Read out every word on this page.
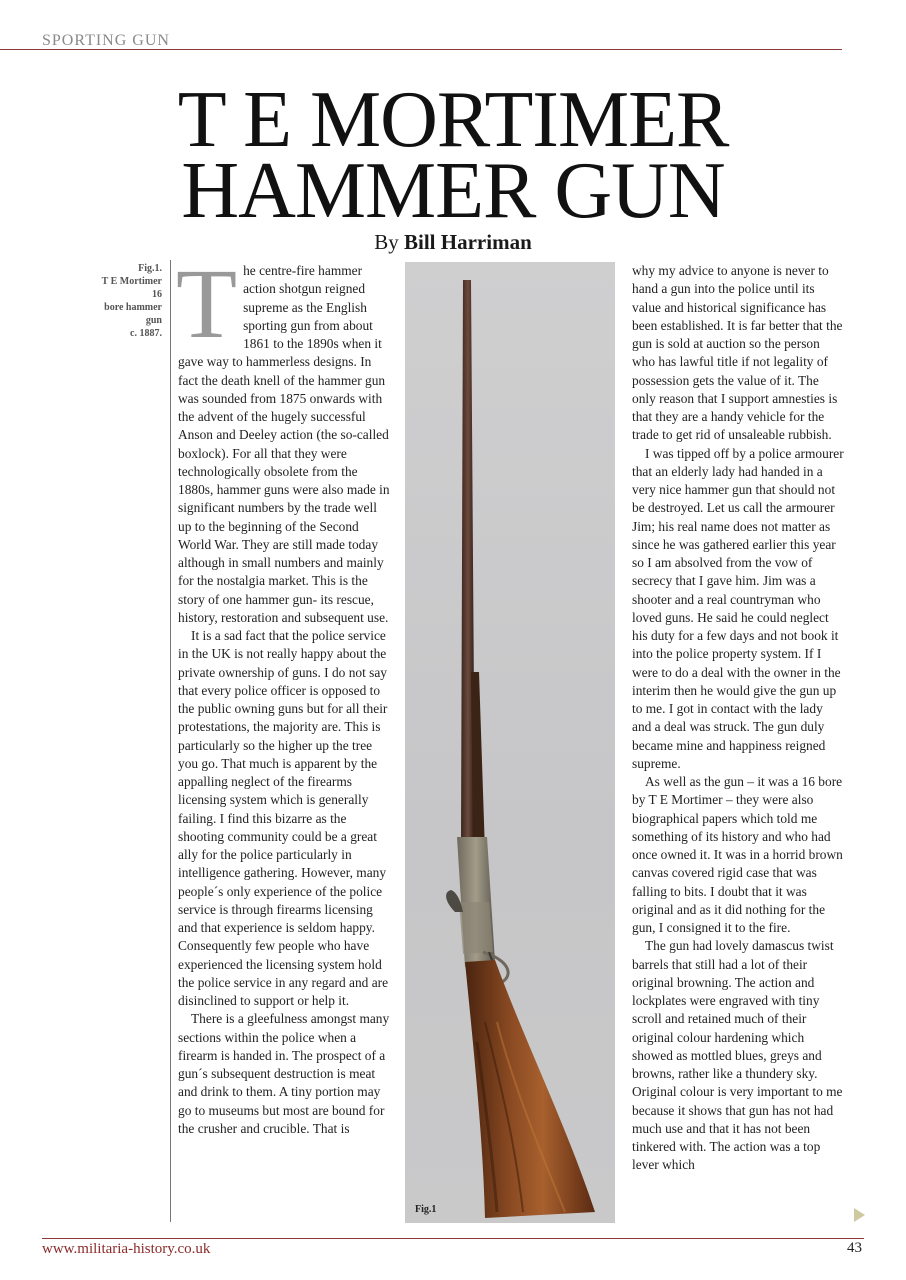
SPORTING GUN
T E MORTIMER
HAMMER GUN
By Bill Harriman
Fig.1.
T E Mortimer 16
bore hammer gun
c. 1887. The centre-fire hammer action shotgun reigned supreme as the English sporting gun from about 1861 to the 1890s when it gave way to hammerless designs. In fact the death knell of the hammer gun was sounded from 1875 onwards with the advent of the hugely successful Anson and Deeley action (the so-called boxlock). For all that they were technologically obsolete from the 1880s, hammer guns were also made in significant numbers by the trade well up to the beginning of the Second World War. They are still made today although in small numbers and mainly for the nostalgia market. This is the story of one hammer gun- its rescue, history, restoration and subsequent use.

It is a sad fact that the police service in the UK is not really happy about the private ownership of guns. I do not say that every police officer is opposed to the public owning guns but for all their protestations, the majority are. This is particularly so the higher up the tree you go. That much is apparent by the appalling neglect of the firearms licensing system which is generally failing. I find this bizarre as the shooting community could be a great ally for the police particularly in intelligence gathering. However, many people´s only experience of the police service is through firearms licensing and that experience is seldom happy. Consequently few people who have experienced the licensing system hold the police service in any regard and are disinclined to support or help it.

There is a gleefulness amongst many sections within the police when a firearm is handed in. The prospect of a gun´s subsequent destruction is meat and drink to them. A tiny portion may go to museums but most are bound for the crusher and crucible. That is

Fig.1

why my advice to anyone is never to hand a gun into the police until its value and historical significance has been established. It is far better that the gun is sold at auction so the person who has lawful title if not legality of possession gets the value of it. The only reason that I support amnesties is that they are a handy vehicle for the trade to get rid of unsaleable rubbish.

I was tipped off by a police armourer that an elderly lady had handed in a very nice hammer gun that should not be destroyed. Let us call the armourer Jim; his real name does not matter as since he was gathered earlier this year so I am absolved from the vow of secrecy that I gave him. Jim was a shooter and a real countryman who loved guns. He said he could neglect his duty for a few days and not book it into the police property system. If I were to do a deal with the owner in the interim then he would give the gun up to me. I got in contact with the lady and a deal was struck. The gun duly became mine and happiness reigned supreme.

As well as the gun – it was a 16 bore by T E Mortimer – they were also biographical papers which told me something of its history and who had once owned it. It was in a horrid brown canvas covered rigid case that was falling to bits. I doubt that it was original and as it did nothing for the gun, I consigned it to the fire.

The gun had lovely damascus twist barrels that still had a lot of their original browning. The action and lockplates were engraved with tiny scroll and retained much of their original colour hardening which showed as mottled blues, greys and browns, rather like a thundery sky. Original colour is very important to me because it shows that gun has not had much use and that it has not been tinkered with. The action was a top lever which

www.militaria-history.co.uk	43
